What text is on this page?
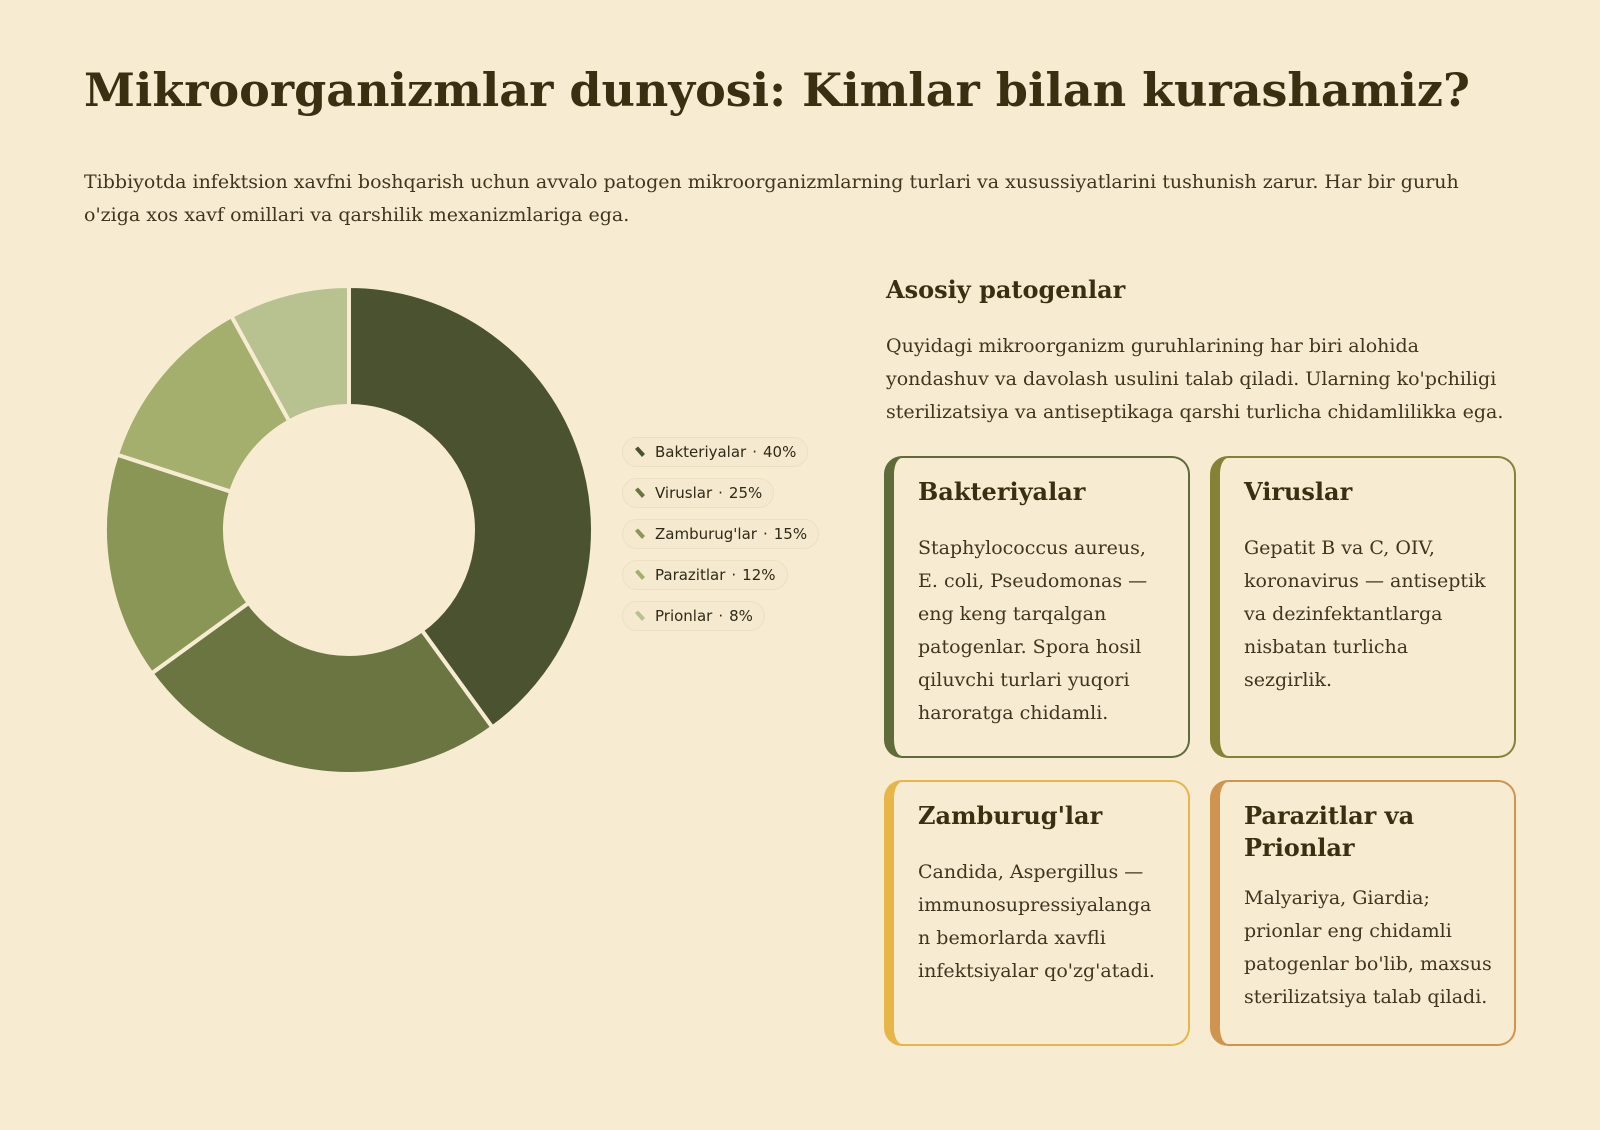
Mikroorganizmlar dunyosi: Kimlar bilan kurashamiz?

Tibbiyotda infektsion xavfni boshqarish uchun avvalo patogen mikroorganizmlarning turlari va xusussiyatlarini tushunish zarur. Har bir guruh o'ziga xos xavf omillari va qarshilik mexanizmlariga ega.

Bakteriyalar · 40%
Viruslar · 25%
Zamburug'lar · 15%
Parazitlar · 12%
Prionlar · 8%
Asosiy patogenlar

Quyidagi mikroorganizm guruhlarining har biri alohida yondashuv va davolash usulini talab qiladi. Ularning ko'pchiligi sterilizatsiya va antiseptikaga qarshi turlicha chidamlilikka ega.

Bakteriyalar
Staphylococcus aureus, E. coli, Pseudomonas — eng keng tarqalgan patogenlar. Spora hosil qiluvchi turlari yuqori haroratga chidamli.
Viruslar
Gepatit B va C, OIV, koronavirus — antiseptik va dezinfektantlarga nisbatan turlicha sezgirlik.
Zamburug'lar
Candida, Aspergillus — immunosupressiyalanga n bemorlarda xavfli infektsiyalar qo'zg'atadi.
Parazitlar va Prionlar
Malyariya, Giardia; prionlar eng chidamli patogenlar bo'lib, maxsus sterilizatsiya talab qiladi.
